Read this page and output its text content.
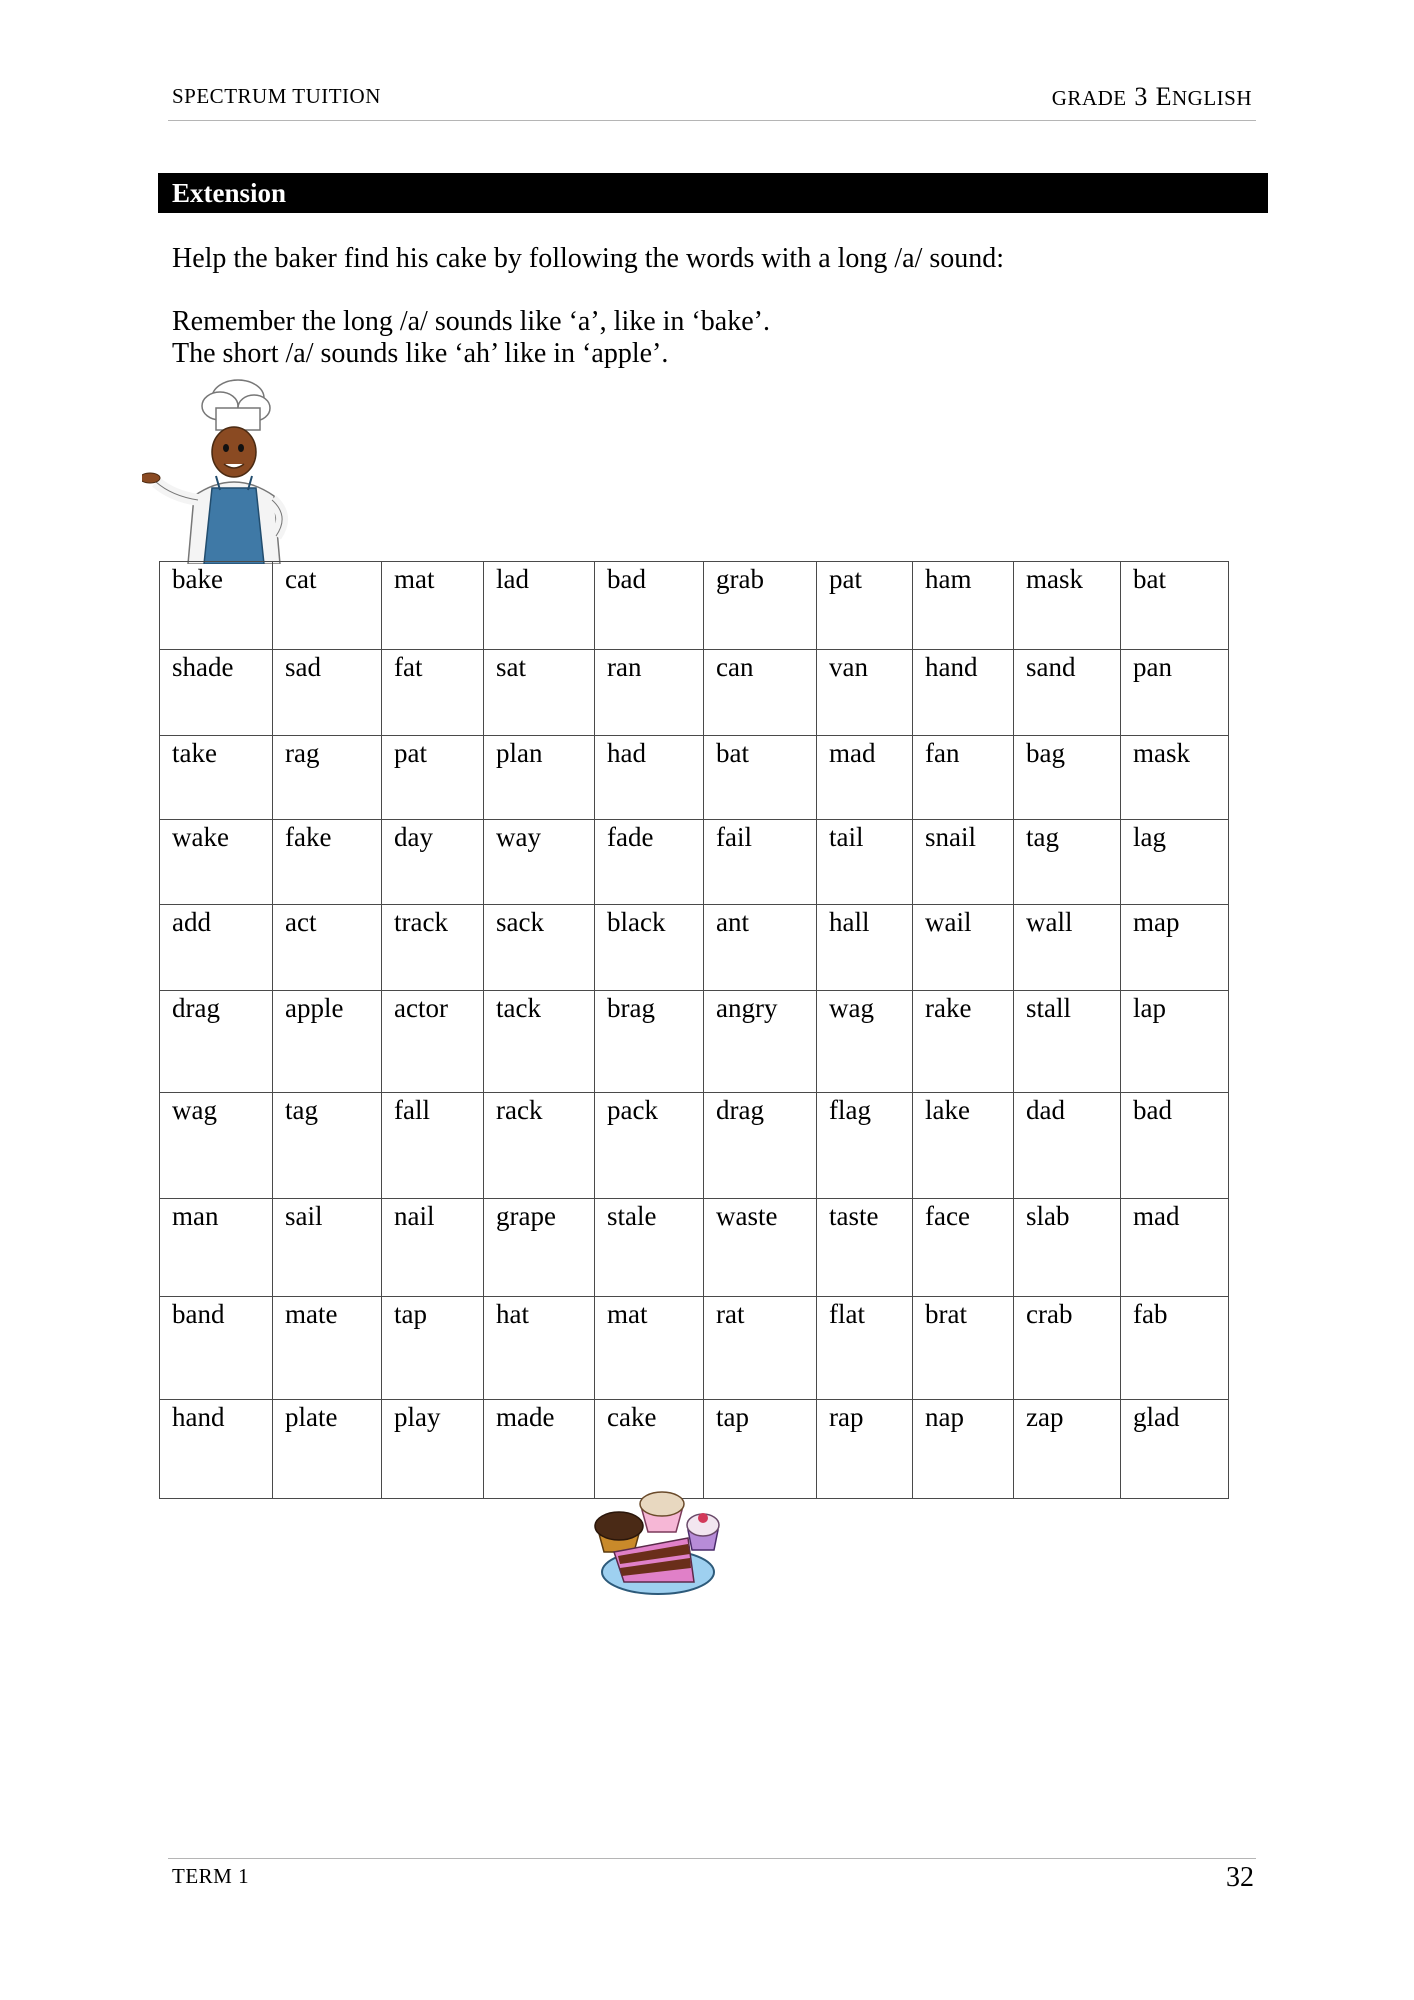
SPECTRUM TUITION	GRADE 3 ENGLISH
Extension
Help the baker find his cake by following the words with a long /a/ sound:
Remember the long /a/ sounds like ‘a’, like in ‘bake’.
The short /a/ sounds like ‘ah’ like in ‘apple’.
bake	cat	mat	lad	bad	grab	pat	ham	mask	bat
shade	sad	fat	sat	ran	can	van	hand	sand	pan
take	rag	pat	plan	had	bat	mad	fan	bag	mask
wake	fake	day	way	fade	fail	tail	snail	tag	lag
add	act	track	sack	black	ant	hall	wail	wall	map
drag	apple	actor	tack	brag	angry	wag	rake	stall	lap
wag	tag	fall	rack	pack	drag	flag	lake	dad	bad
man	sail	nail	grape	stale	waste	taste	face	slab	mad
band	mate	tap	hat	mat	rat	flat	brat	crab	fab
hand	plate	play	made	cake	tap	rap	nap	zap	glad
TERM 1	32
